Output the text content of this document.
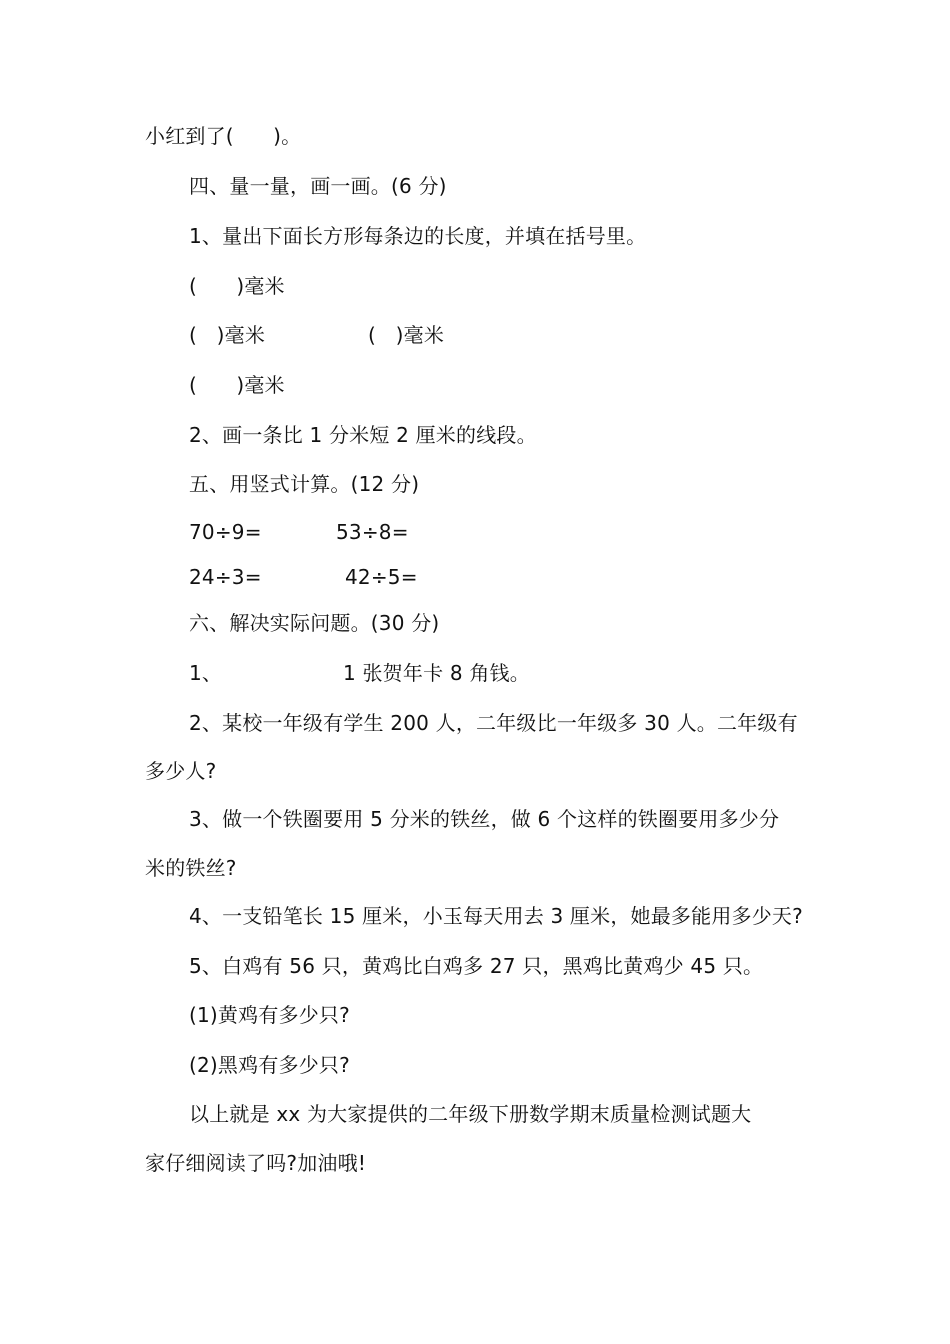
小红到了(      )。
四、量一量，画一画。(6 分)
1、量出下面长方形每条边的长度，并填在括号里。
(      )毫米
(   )毫米	(   )毫米
(      )毫米
2、画一条比 1 分米短 2 厘米的线段。
五、用竖式计算。(12 分)
70÷9=	53÷8=
24÷3=	42÷5=
六、解决实际问题。(30 分)
1、	1 张贺年卡 8 角钱。
2、某校一年级有学生 200 人，二年级比一年级多 30 人。二年级有
多少人?
3、做一个铁圈要用 5 分米的铁丝，做 6 个这样的铁圈要用多少分
米的铁丝?
4、一支铅笔长 15 厘米，小玉每天用去 3 厘米，她最多能用多少天?
5、白鸡有 56 只，黄鸡比白鸡多 27 只，黑鸡比黄鸡少 45 只。
(1)黄鸡有多少只?
(2)黑鸡有多少只?
以上就是 xx 为大家提供的二年级下册数学期末质量检测试题大
家仔细阅读了吗?加油哦!
